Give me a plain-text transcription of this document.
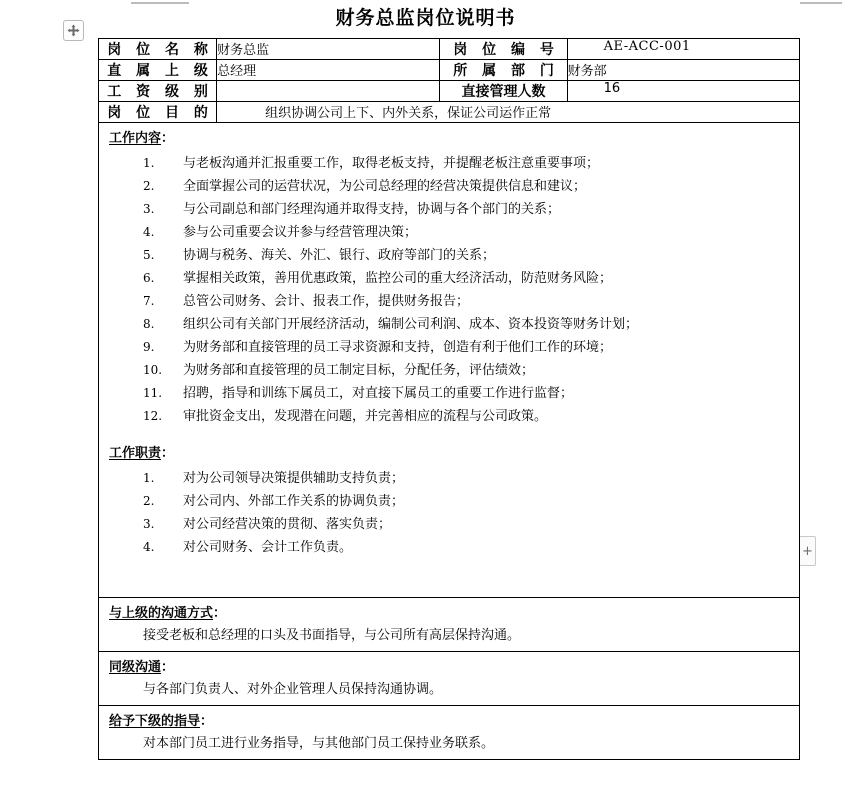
+
财务总监岗位说明书
岗 位 名 称	财务总监	岗 位 编 号	AE-ACC-001
直 属 上 级	总经理	所 属 部 门	财务部
工 资 级 别		直接管理人数	16
岗 位 目 的	组织协调公司上下、内外关系，保证公司运作正常		

工作内容：
与老板沟通并汇报重要工作，取得老板支持，并提醒老板注意重要事项；
全面掌握公司的运营状况，为公司总经理的经营决策提供信息和建议；
与公司副总和部门经理沟通并取得支持，协调与各个部门的关系；
参与公司重要会议并参与经营管理决策；
协调与税务、海关、外汇、银行、政府等部门的关系；
掌握相关政策，善用优惠政策，监控公司的重大经济活动，防范财务风险；
总管公司财务、会计、报表工作，提供财务报告；
组织公司有关部门开展经济活动，编制公司利润、成本、资本投资等财务计划；
为财务部和直接管理的员工寻求资源和支持，创造有利于他们工作的环境；
为财务部和直接管理的员工制定目标，分配任务，评估绩效；
招聘，指导和训练下属员工，对直接下属员工的重要工作进行监督；
审批资金支出，发现潜在问题，并完善相应的流程与公司政策。
工作职责：
对为公司领导决策提供辅助支持负责；
对公司内、外部工作关系的协调负责；
对公司经营决策的贯彻、落实负责；
对公司财务、会计工作负责。

与上级的沟通方式：
接受老板和总经理的口头及书面指导，与公司所有高层保持沟通。			

同级沟通：
与各部门负责人、对外企业管理人员保持沟通协调。			

给予下级的指导：
对本部门员工进行业务指导，与其他部门员工保持业务联系。			
